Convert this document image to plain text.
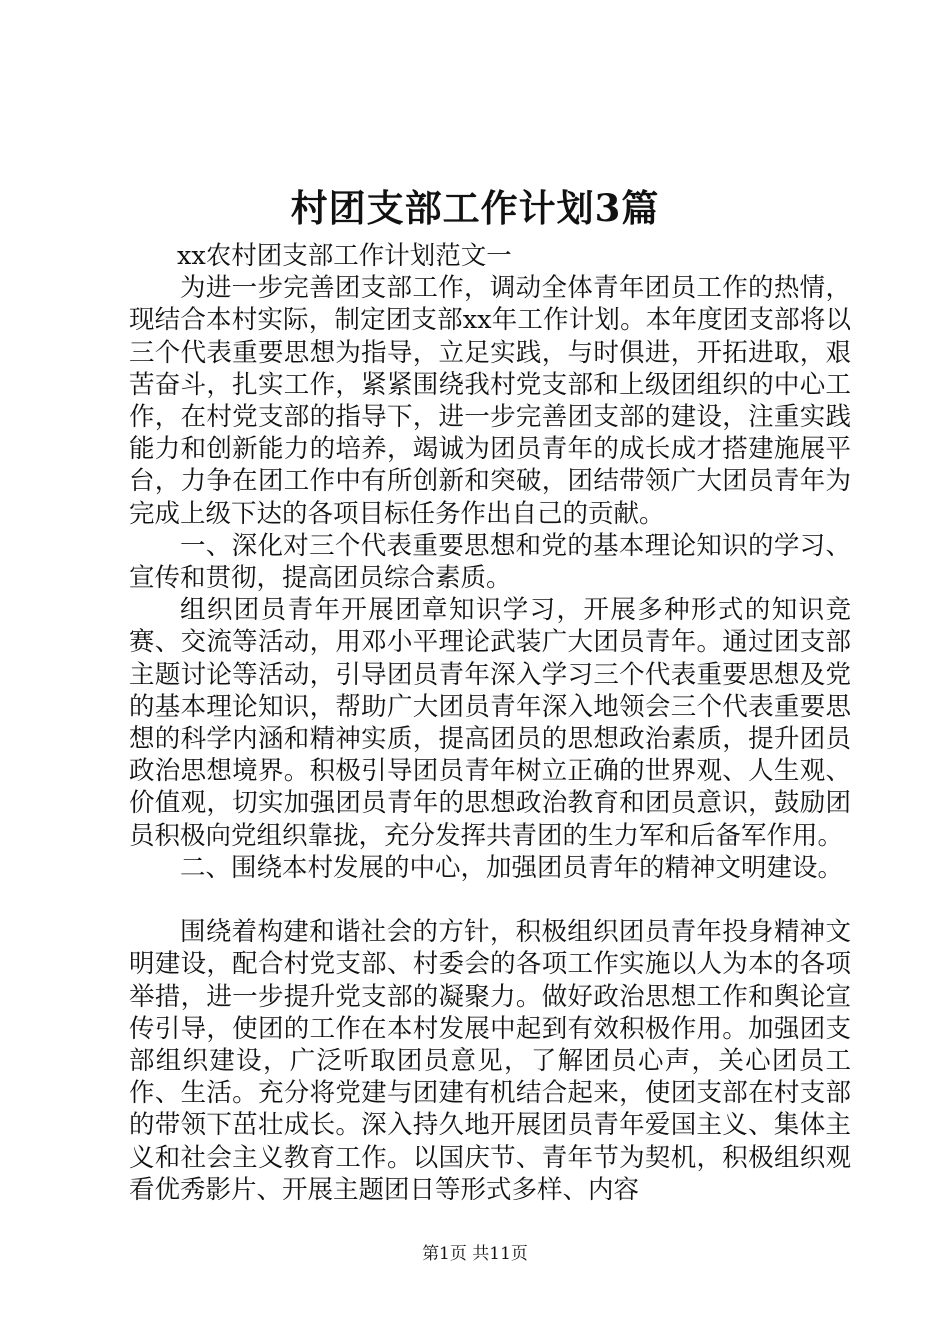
村团支部工作计划3篇

xx农村团支部工作计划范文一

为进一步完善团支部工作，调动全体青年团员工作的热情，现结合本村实际，制定团支部xx年工作计划。本年度团支部将以三个代表重要思想为指导，立足实践，与时俱进，开拓进取，艰苦奋斗，扎实工作，紧紧围绕我村党支部和上级团组织的中心工作，在村党支部的指导下，进一步完善团支部的建设，注重实践能力和创新能力的培养，竭诚为团员青年的成长成才搭建施展平台，力争在团工作中有所创新和突破，团结带领广大团员青年为完成上级下达的各项目标任务作出自己的贡献。

一、深化对三个代表重要思想和党的基本理论知识的学习、宣传和贯彻，提高团员综合素质。

组织团员青年开展团章知识学习，开展多种形式的知识竞赛、交流等活动，用邓小平理论武装广大团员青年。通过团支部主题讨论等活动，引导团员青年深入学习三个代表重要思想及党的基本理论知识，帮助广大团员青年深入地领会三个代表重要思想的科学内涵和精神实质，提高团员的思想政治素质，提升团员政治思想境界。积极引导团员青年树立正确的世界观、人生观、价值观，切实加强团员青年的思想政治教育和团员意识，鼓励团员积极向党组织靠拢，充分发挥共青团的生力军和后备军作用。

二、围绕本村发展的中心，加强团员青年的精神文明建设。

围绕着构建和谐社会的方针，积极组织团员青年投身精神文明建设，配合村党支部、村委会的各项工作实施以人为本的各项举措，进一步提升党支部的凝聚力。做好政治思想工作和舆论宣传引导，使团的工作在本村发展中起到有效积极作用。加强团支部组织建设，广泛听取团员意见，了解团员心声，关心团员工作、生活。充分将党建与团建有机结合起来，使团支部在村支部的带领下茁壮成长。深入持久地开展团员青年爱国主义、集体主义和社会主义教育工作。以国庆节、青年节为契机，积极组织观看优秀影片、开展主题团日等形式多样、内容

第1页 共11页
